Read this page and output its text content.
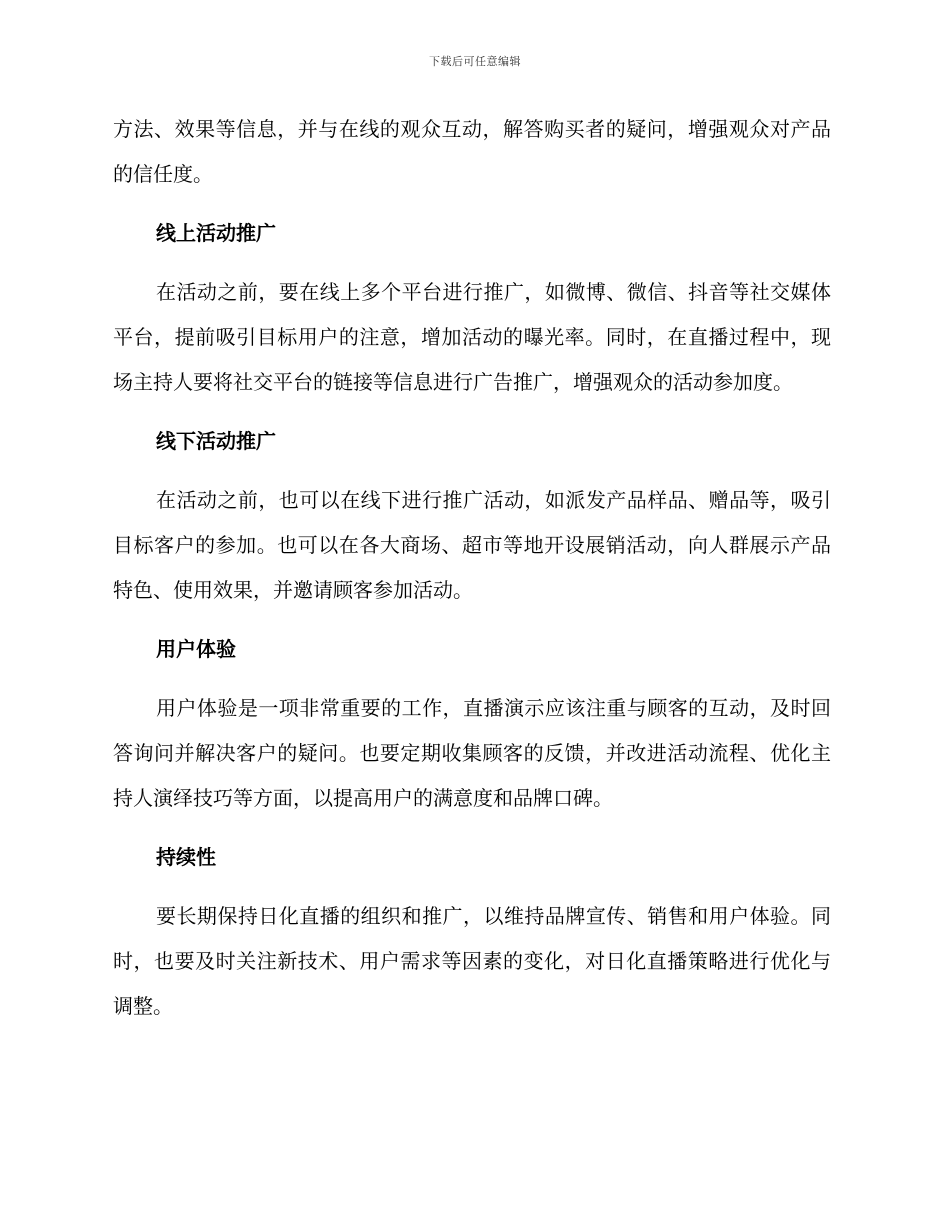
下载后可任意编辑

方法、效果等信息，并与在线的观众互动，解答购买者的疑问，增强观众对产品的信任度。

线上活动推广

在活动之前，要在线上多个平台进行推广，如微博、微信、抖音等社交媒体平台，提前吸引目标用户的注意，增加活动的曝光率。同时，在直播过程中，现场主持人要将社交平台的链接等信息进行广告推广，增强观众的活动参加度。

线下活动推广

在活动之前，也可以在线下进行推广活动，如派发产品样品、赠品等，吸引目标客户的参加。也可以在各大商场、超市等地开设展销活动，向人群展示产品特色、使用效果，并邀请顾客参加活动。

用户体验

用户体验是一项非常重要的工作，直播演示应该注重与顾客的互动，及时回答询问并解决客户的疑问。也要定期收集顾客的反馈，并改进活动流程、优化主持人演绎技巧等方面，以提高用户的满意度和品牌口碑。

持续性

要长期保持日化直播的组织和推广，以维持品牌宣传、销售和用户体验。同时，也要及时关注新技术、用户需求等因素的变化，对日化直播策略进行优化与调整。
